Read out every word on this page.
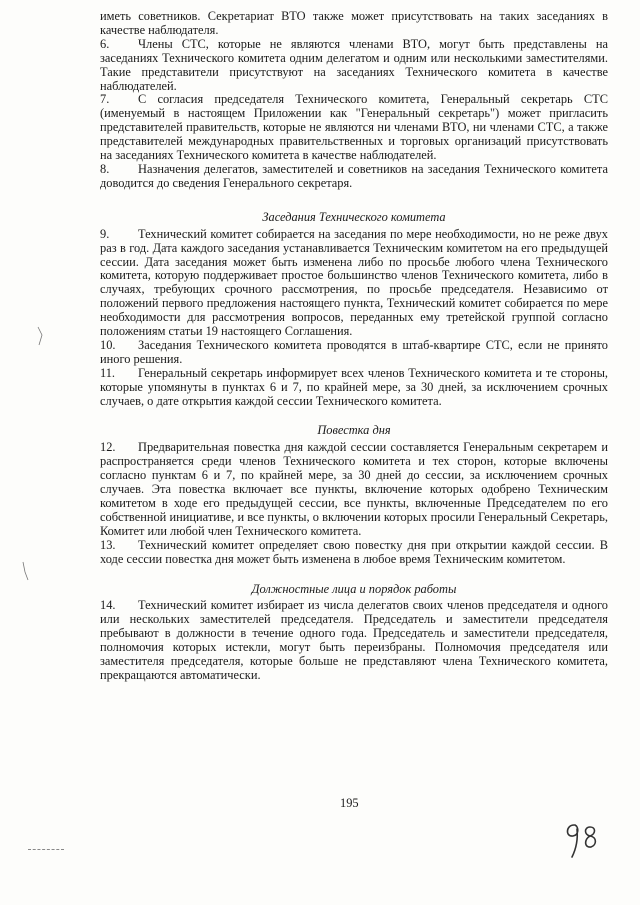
иметь советников. Секретариат ВТО также может присутствовать на таких заседаниях в качестве наблюдателя.

6. Члены СТС, которые не являются членами ВТО, могут быть представлены на заседаниях Технического комитета одним делегатом и одним или несколькими заместителями. Такие представители присутствуют на заседаниях Технического комитета в качестве наблюдателей.

7. С согласия председателя Технического комитета, Генеральный секретарь СТС (именуемый в настоящем Приложении как "Генеральный секретарь") может пригласить представителей правительств, которые не являются ни членами ВТО, ни членами СТС, а также представителей международных правительственных и торговых организаций присутствовать на заседаниях Технического комитета в качестве наблюдателей.

8. Назначения делегатов, заместителей и советников на заседания Технического комитета доводится до сведения Генерального секретаря.

Заседания Технического комитета

9. Технический комитет собирается на заседания по мере необходимости, но не реже двух раз в год. Дата каждого заседания устанавливается Техническим комитетом на его предыдущей сессии. Дата заседания может быть изменена либо по просьбе любого члена Технического комитета, которую поддерживает простое большинство членов Технического комитета, либо в случаях, требующих срочного рассмотрения, по просьбе председателя. Независимо от положений первого предложения настоящего пункта, Технический комитет собирается по мере необходимости для рассмотрения вопросов, переданных ему третейской группой согласно положениям статьи 19 настоящего Соглашения.

10. Заседания Технического комитета проводятся в штаб-квартире СТС, если не принято иного решения.

11. Генеральный секретарь информирует всех членов Технического комитета и те стороны, которые упомянуты в пунктах 6 и 7, по крайней мере, за 30 дней, за исключением срочных случаев, о дате открытия каждой сессии Технического комитета.

Повестка дня

12. Предварительная повестка дня каждой сессии составляется Генеральным секретарем и распространяется среди членов Технического комитета и тех сторон, которые включены согласно пунктам 6 и 7, по крайней мере, за 30 дней до сессии, за исключением срочных случаев. Эта повестка включает все пункты, включение которых одобрено Техническим комитетом в ходе его предыдущей сессии, все пункты, включенные Председателем по его собственной инициативе, и все пункты, о включении которых просили Генеральный Секретарь, Комитет или любой член Технического комитета.

13. Технический комитет определяет свою повестку дня при открытии каждой сессии. В ходе сессии повестка дня может быть изменена в любое время Техническим комитетом.

Должностные лица и порядок работы

14. Технический комитет избирает из числа делегатов своих членов председателя и одного или нескольких заместителей председателя. Председатель и заместители председателя пребывают в должности в течение одного года. Председатель и заместители председателя, полномочия которых истекли, могут быть переизбраны. Полномочия председателя или заместителя председателя, которые больше не представляют члена Технического комитета, прекращаются автоматически.

195
